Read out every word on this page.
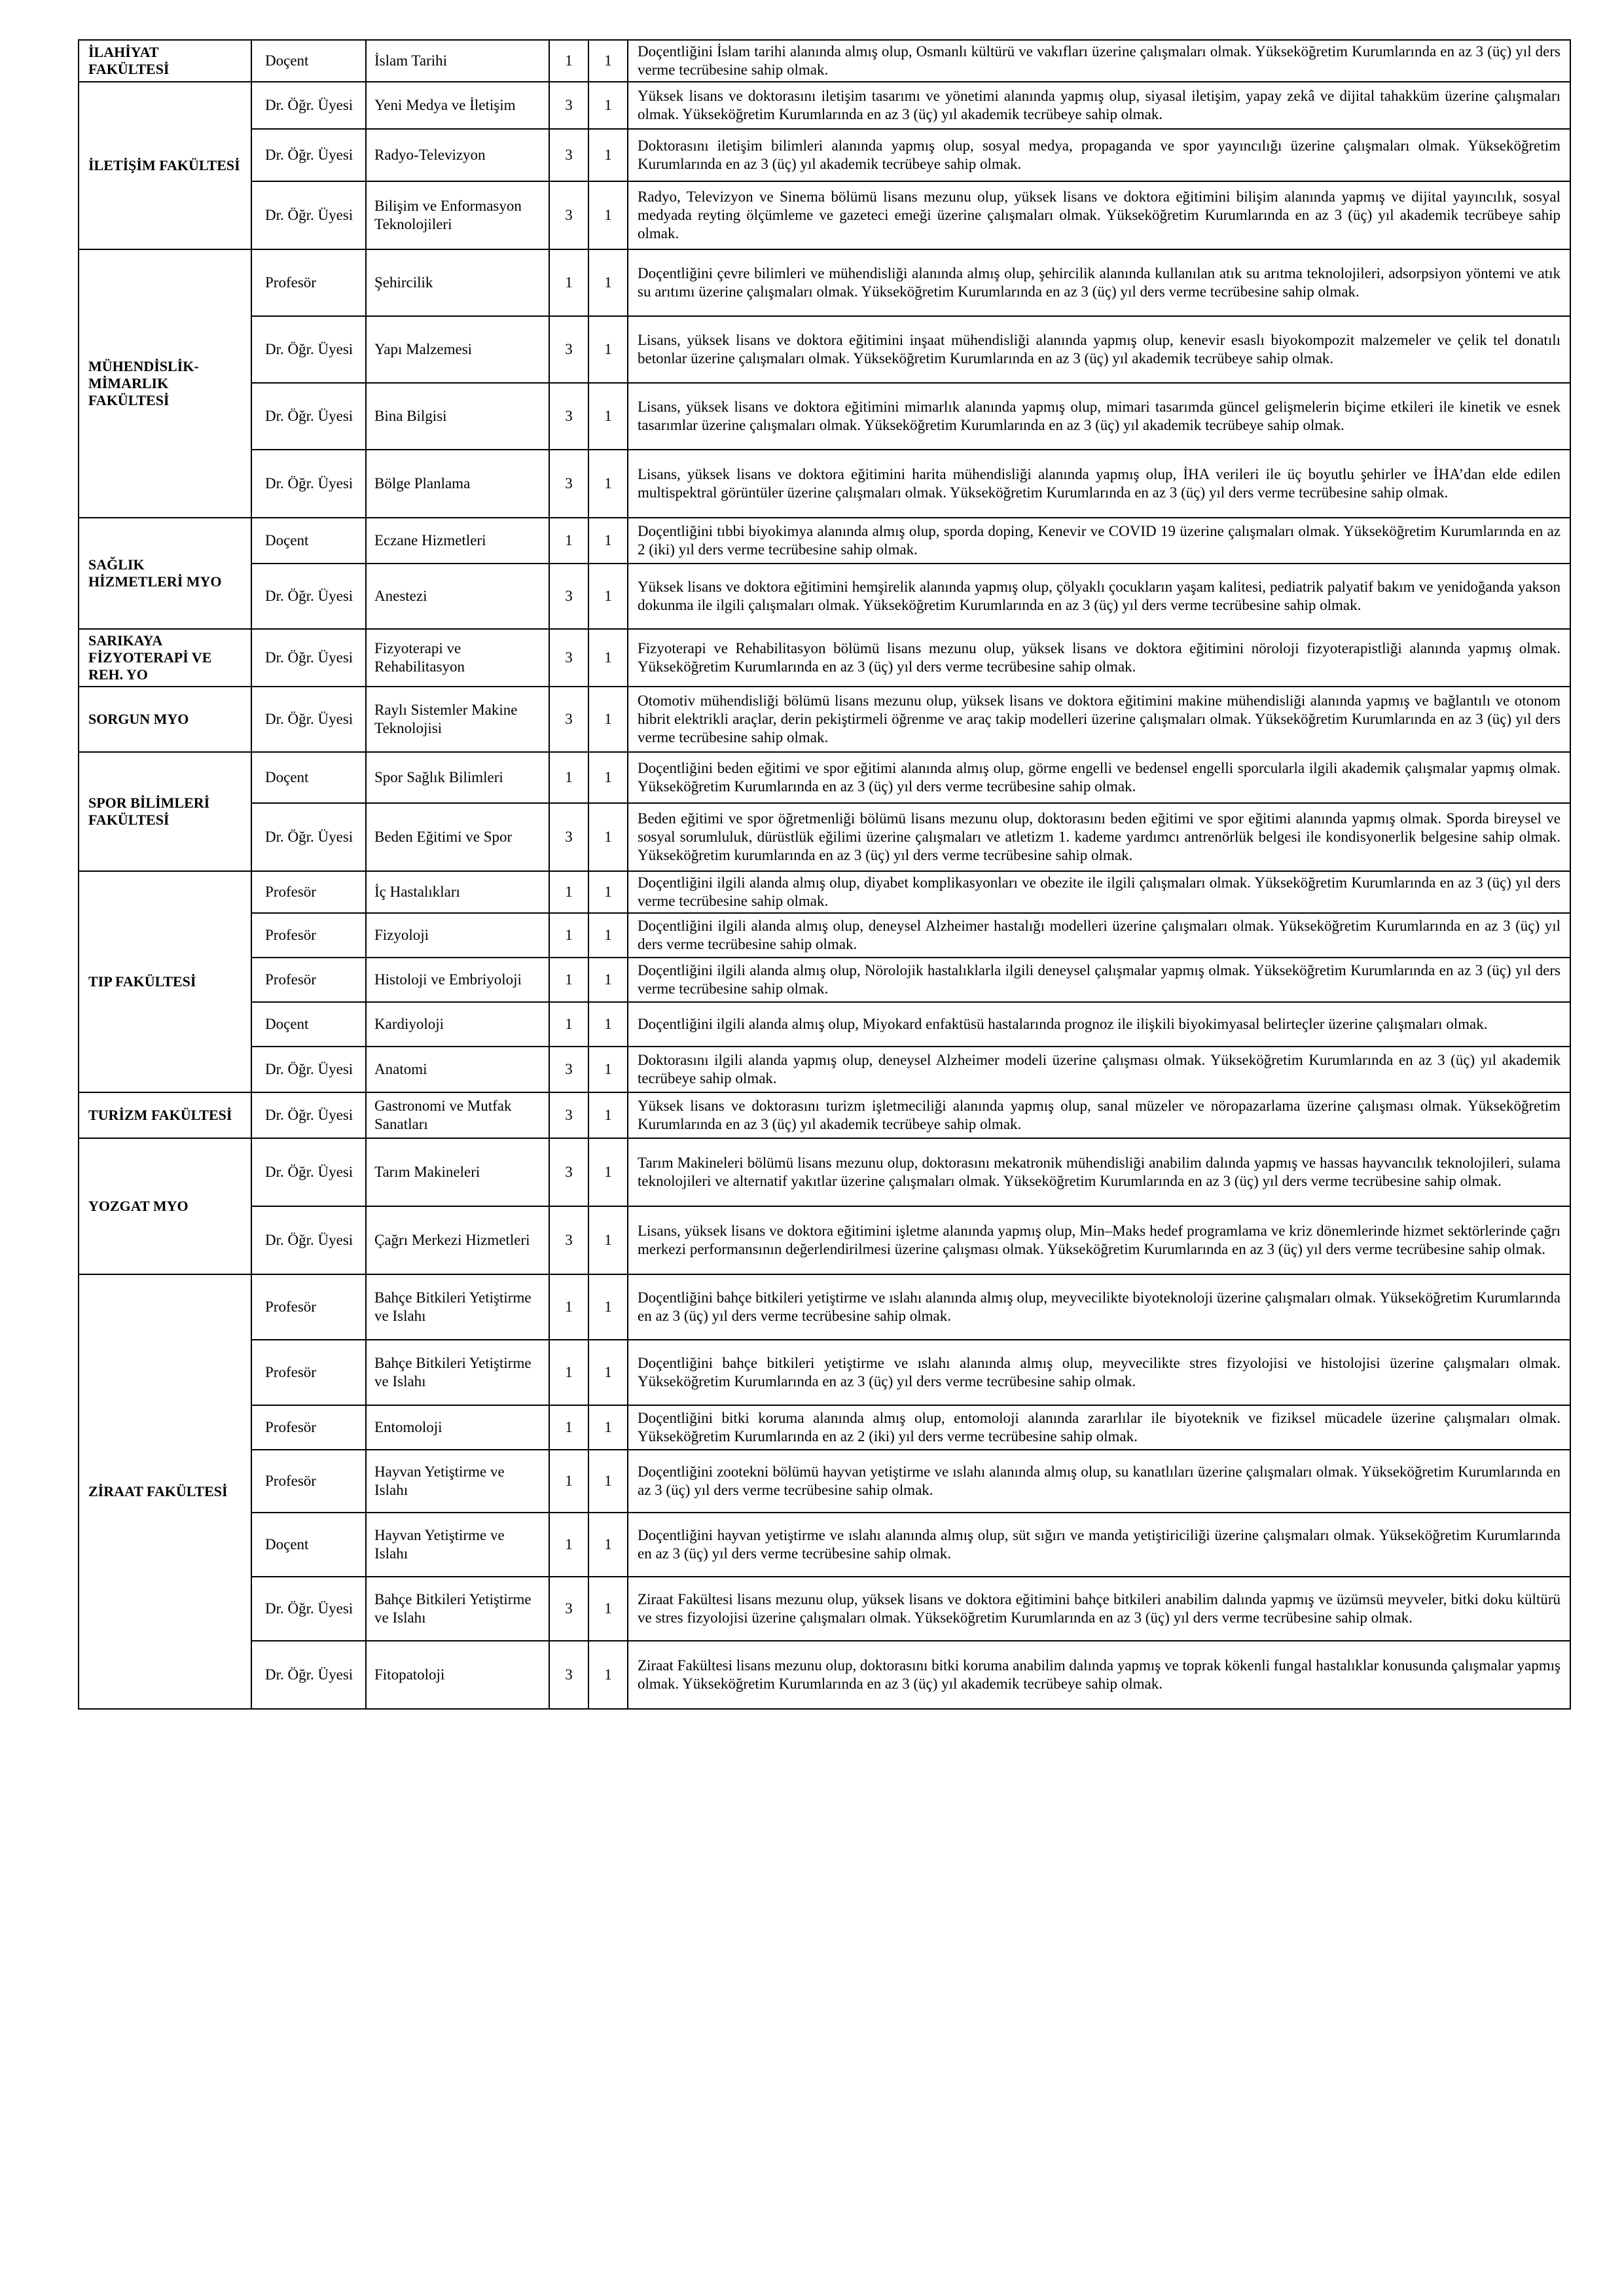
İLAHİYAT FAKÜLTESİ	Doçent	İslam Tarihi	1	1	Doçentliğini İslam tarihi alanında almış olup, Osmanlı kültürü ve vakıfları üzerine çalışmaları olmak. Yükseköğretim Kurumlarında en az 3 (üç) yıl ders verme tecrübesine sahip olmak.
İLETİŞİM FAKÜLTESİ	Dr. Öğr. Üyesi	Yeni Medya ve İletişim	3	1	Yüksek lisans ve doktorasını iletişim tasarımı ve yönetimi alanında yapmış olup, siyasal iletişim, yapay zekâ ve dijital tahakküm üzerine çalışmaları olmak. Yükseköğretim Kurumlarında en az 3 (üç) yıl akademik tecrübeye sahip olmak.
	Dr. Öğr. Üyesi	Radyo-Televizyon	3	1	Doktorasını iletişim bilimleri alanında yapmış olup, sosyal medya, propaganda ve spor yayıncılığı üzerine çalışmaları olmak. Yükseköğretim Kurumlarında en az 3 (üç) yıl akademik tecrübeye sahip olmak.
	Dr. Öğr. Üyesi	Bilişim ve Enformasyon Teknolojileri	3	1	Radyo, Televizyon ve Sinema bölümü lisans mezunu olup, yüksek lisans ve doktora eğitimini bilişim alanında yapmış ve dijital yayıncılık, sosyal medyada reyting ölçümleme ve gazeteci emeği üzerine çalışmaları olmak. Yükseköğretim Kurumlarında en az 3 (üç) yıl akademik tecrübeye sahip olmak.
MÜHENDİSLİK-MİMARLIK FAKÜLTESİ	Profesör	Şehircilik	1	1	Doçentliğini çevre bilimleri ve mühendisliği alanında almış olup, şehircilik alanında kullanılan atık su arıtma teknolojileri, adsorpsiyon yöntemi ve atık su arıtımı üzerine çalışmaları olmak. Yükseköğretim Kurumlarında en az 3 (üç) yıl ders verme tecrübesine sahip olmak.
	Dr. Öğr. Üyesi	Yapı Malzemesi	3	1	Lisans, yüksek lisans ve doktora eğitimini inşaat mühendisliği alanında yapmış olup, kenevir esaslı biyokompozit malzemeler ve çelik tel donatılı betonlar üzerine çalışmaları olmak. Yükseköğretim Kurumlarında en az 3 (üç) yıl akademik tecrübeye sahip olmak.
	Dr. Öğr. Üyesi	Bina Bilgisi	3	1	Lisans, yüksek lisans ve doktora eğitimini mimarlık alanında yapmış olup, mimari tasarımda güncel gelişmelerin biçime etkileri ile kinetik ve esnek tasarımlar üzerine çalışmaları olmak. Yükseköğretim Kurumlarında en az 3 (üç) yıl akademik tecrübeye sahip olmak.
	Dr. Öğr. Üyesi	Bölge Planlama	3	1	Lisans, yüksek lisans ve doktora eğitimini harita mühendisliği alanında yapmış olup, İHA verileri ile üç boyutlu şehirler ve İHA’dan elde edilen multispektral görüntüler üzerine çalışmaları olmak. Yükseköğretim Kurumlarında en az 3 (üç) yıl ders verme tecrübesine sahip olmak.
SAĞLIK HİZMETLERİ MYO	Doçent	Eczane Hizmetleri	1	1	Doçentliğini tıbbi biyokimya alanında almış olup, sporda doping, Kenevir ve COVID 19 üzerine çalışmaları olmak. Yükseköğretim Kurumlarında en az 2 (iki) yıl ders verme tecrübesine sahip olmak.
	Dr. Öğr. Üyesi	Anestezi	3	1	Yüksek lisans ve doktora eğitimini hemşirelik alanında yapmış olup, çölyaklı çocukların yaşam kalitesi, pediatrik palyatif bakım ve yenidoğanda yakson dokunma ile ilgili çalışmaları olmak. Yükseköğretim Kurumlarında en az 3 (üç) yıl ders verme tecrübesine sahip olmak.
SARIKAYA FİZYOTERAPİ VE REH. YO	Dr. Öğr. Üyesi	Fizyoterapi ve Rehabilitasyon	3	1	Fizyoterapi ve Rehabilitasyon bölümü lisans mezunu olup, yüksek lisans ve doktora eğitimini nöroloji fizyoterapistliği alanında yapmış olmak. Yükseköğretim Kurumlarında en az 3 (üç) yıl ders verme tecrübesine sahip olmak.
SORGUN MYO	Dr. Öğr. Üyesi	Raylı Sistemler Makine Teknolojisi	3	1	Otomotiv mühendisliği bölümü lisans mezunu olup, yüksek lisans ve doktora eğitimini makine mühendisliği alanında yapmış ve bağlantılı ve otonom hibrit elektrikli araçlar, derin pekiştirmeli öğrenme ve araç takip modelleri üzerine çalışmaları olmak. Yükseköğretim Kurumlarında en az 3 (üç) yıl ders verme tecrübesine sahip olmak.
SPOR BİLİMLERİ FAKÜLTESİ	Doçent	Spor Sağlık Bilimleri	1	1	Doçentliğini beden eğitimi ve spor eğitimi alanında almış olup, görme engelli ve bedensel engelli sporcularla ilgili akademik çalışmalar yapmış olmak. Yükseköğretim Kurumlarında en az 3 (üç) yıl ders verme tecrübesine sahip olmak.
	Dr. Öğr. Üyesi	Beden Eğitimi ve Spor	3	1	Beden eğitimi ve spor öğretmenliği bölümü lisans mezunu olup, doktorasını beden eğitimi ve spor eğitimi alanında yapmış olmak. Sporda bireysel ve sosyal sorumluluk, dürüstlük eğilimi üzerine çalışmaları ve atletizm 1. kademe yardımcı antrenörlük belgesi ile kondisyonerlik belgesine sahip olmak. Yükseköğretim kurumlarında en az 3 (üç) yıl ders verme tecrübesine sahip olmak.
TIP FAKÜLTESİ	Profesör	İç Hastalıkları	1	1	Doçentliğini ilgili alanda almış olup, diyabet komplikasyonları ve obezite ile ilgili çalışmaları olmak. Yükseköğretim Kurumlarında en az 3 (üç) yıl ders verme tecrübesine sahip olmak.
	Profesör	Fizyoloji	1	1	Doçentliğini ilgili alanda almış olup, deneysel Alzheimer hastalığı modelleri üzerine çalışmaları olmak. Yükseköğretim Kurumlarında en az 3 (üç) yıl ders verme tecrübesine sahip olmak.
	Profesör	Histoloji ve Embriyoloji	1	1	Doçentliğini ilgili alanda almış olup, Nörolojik hastalıklarla ilgili deneysel çalışmalar yapmış olmak. Yükseköğretim Kurumlarında en az 3 (üç) yıl ders verme tecrübesine sahip olmak.
	Doçent	Kardiyoloji	1	1	Doçentliğini ilgili alanda almış olup, Miyokard enfaktüsü hastalarında prognoz ile ilişkili biyokimyasal belirteçler üzerine çalışmaları olmak.
	Dr. Öğr. Üyesi	Anatomi	3	1	Doktorasını ilgili alanda yapmış olup, deneysel Alzheimer modeli üzerine çalışması olmak. Yükseköğretim Kurumlarında en az 3 (üç) yıl akademik tecrübeye sahip olmak.
TURİZM FAKÜLTESİ	Dr. Öğr. Üyesi	Gastronomi ve Mutfak Sanatları	3	1	Yüksek lisans ve doktorasını turizm işletmeciliği alanında yapmış olup, sanal müzeler ve nöropazarlama üzerine çalışması olmak. Yükseköğretim Kurumlarında en az 3 (üç) yıl akademik tecrübeye sahip olmak.
YOZGAT MYO	Dr. Öğr. Üyesi	Tarım Makineleri	3	1	Tarım Makineleri bölümü lisans mezunu olup, doktorasını mekatronik mühendisliği anabilim dalında yapmış ve hassas hayvancılık teknolojileri, sulama teknolojileri ve alternatif yakıtlar üzerine çalışmaları olmak. Yükseköğretim Kurumlarında en az 3 (üç) yıl ders verme tecrübesine sahip olmak.
	Dr. Öğr. Üyesi	Çağrı Merkezi Hizmetleri	3	1	Lisans, yüksek lisans ve doktora eğitimini işletme alanında yapmış olup, Min–Maks hedef programlama ve kriz dönemlerinde hizmet sektörlerinde çağrı merkezi performansının değerlendirilmesi üzerine çalışması olmak. Yükseköğretim Kurumlarında en az 3 (üç) yıl ders verme tecrübesine sahip olmak.
ZİRAAT FAKÜLTESİ	Profesör	Bahçe Bitkileri Yetiştirme ve Islahı	1	1	Doçentliğini bahçe bitkileri yetiştirme ve ıslahı alanında almış olup, meyvecilikte biyoteknoloji üzerine çalışmaları olmak. Yükseköğretim Kurumlarında en az 3 (üç) yıl ders verme tecrübesine sahip olmak.
	Profesör	Bahçe Bitkileri Yetiştirme ve Islahı	1	1	Doçentliğini bahçe bitkileri yetiştirme ve ıslahı alanında almış olup, meyvecilikte stres fizyolojisi ve histolojisi üzerine çalışmaları olmak. Yükseköğretim Kurumlarında en az 3 (üç) yıl ders verme tecrübesine sahip olmak.
	Profesör	Entomoloji	1	1	Doçentliğini bitki koruma alanında almış olup, entomoloji alanında zararlılar ile biyoteknik ve fiziksel mücadele üzerine çalışmaları olmak. Yükseköğretim Kurumlarında en az 2 (iki) yıl ders verme tecrübesine sahip olmak.
	Profesör	Hayvan Yetiştirme ve Islahı	1	1	Doçentliğini zootekni bölümü hayvan yetiştirme ve ıslahı alanında almış olup, su kanatlıları üzerine çalışmaları olmak. Yükseköğretim Kurumlarında en az 3 (üç) yıl ders verme tecrübesine sahip olmak.
	Doçent	Hayvan Yetiştirme ve Islahı	1	1	Doçentliğini hayvan yetiştirme ve ıslahı alanında almış olup, süt sığırı ve manda yetiştiriciliği üzerine çalışmaları olmak. Yükseköğretim Kurumlarında en az 3 (üç) yıl ders verme tecrübesine sahip olmak.
	Dr. Öğr. Üyesi	Bahçe Bitkileri Yetiştirme ve Islahı	3	1	Ziraat Fakültesi lisans mezunu olup, yüksek lisans ve doktora eğitimini bahçe bitkileri anabilim dalında yapmış ve üzümsü meyveler, bitki doku kültürü ve stres fizyolojisi üzerine çalışmaları olmak. Yükseköğretim Kurumlarında en az 3 (üç) yıl ders verme tecrübesine sahip olmak.
	Dr. Öğr. Üyesi	Fitopatoloji	3	1	Ziraat Fakültesi lisans mezunu olup, doktorasını bitki koruma anabilim dalında yapmış ve toprak kökenli fungal hastalıklar konusunda çalışmalar yapmış olmak. Yükseköğretim Kurumlarında en az 3 (üç) yıl akademik tecrübeye sahip olmak.
